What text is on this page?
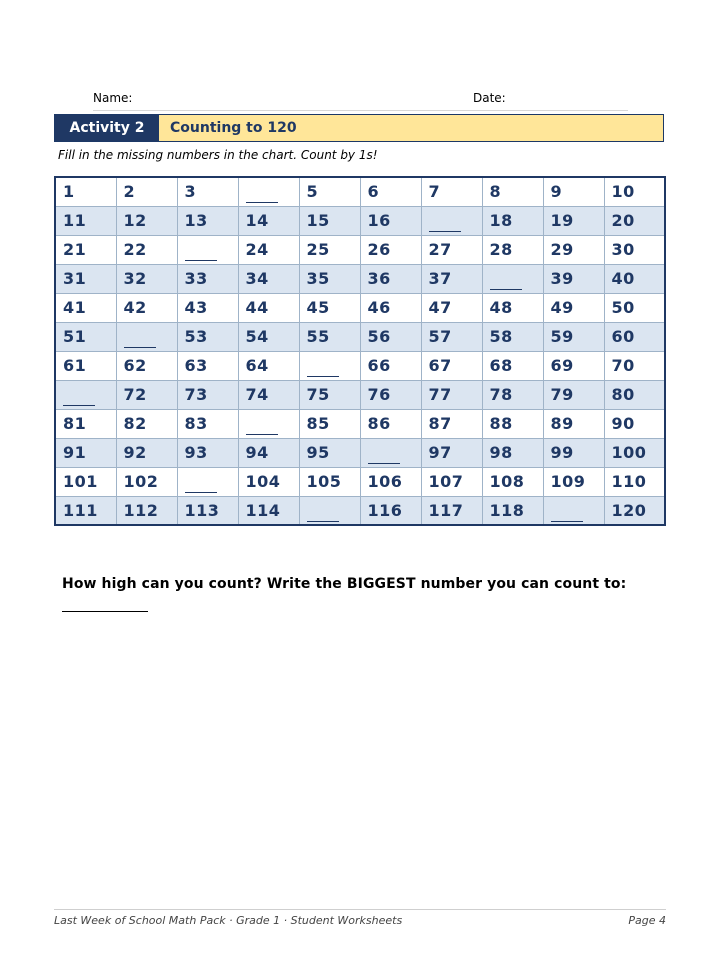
Name:	Date:
Activity 2	Counting to 120
Fill in the missing numbers in the chart. Count by 1s!
1	2	3		5	6	7	8	9	10
11	12	13	14	15	16		18	19	20
21	22		24	25	26	27	28	29	30
31	32	33	34	35	36	37		39	40
41	42	43	44	45	46	47	48	49	50
51		53	54	55	56	57	58	59	60
61	62	63	64		66	67	68	69	70
	72	73	74	75	76	77	78	79	80
81	82	83		85	86	87	88	89	90
91	92	93	94	95		97	98	99	100
101	102		104	105	106	107	108	109	110
111	112	113	114		116	117	118		120
How high can you count? Write the BIGGEST number you can count to:
Last Week of School Math Pack · Grade 1 · Student Worksheets	Page 4
